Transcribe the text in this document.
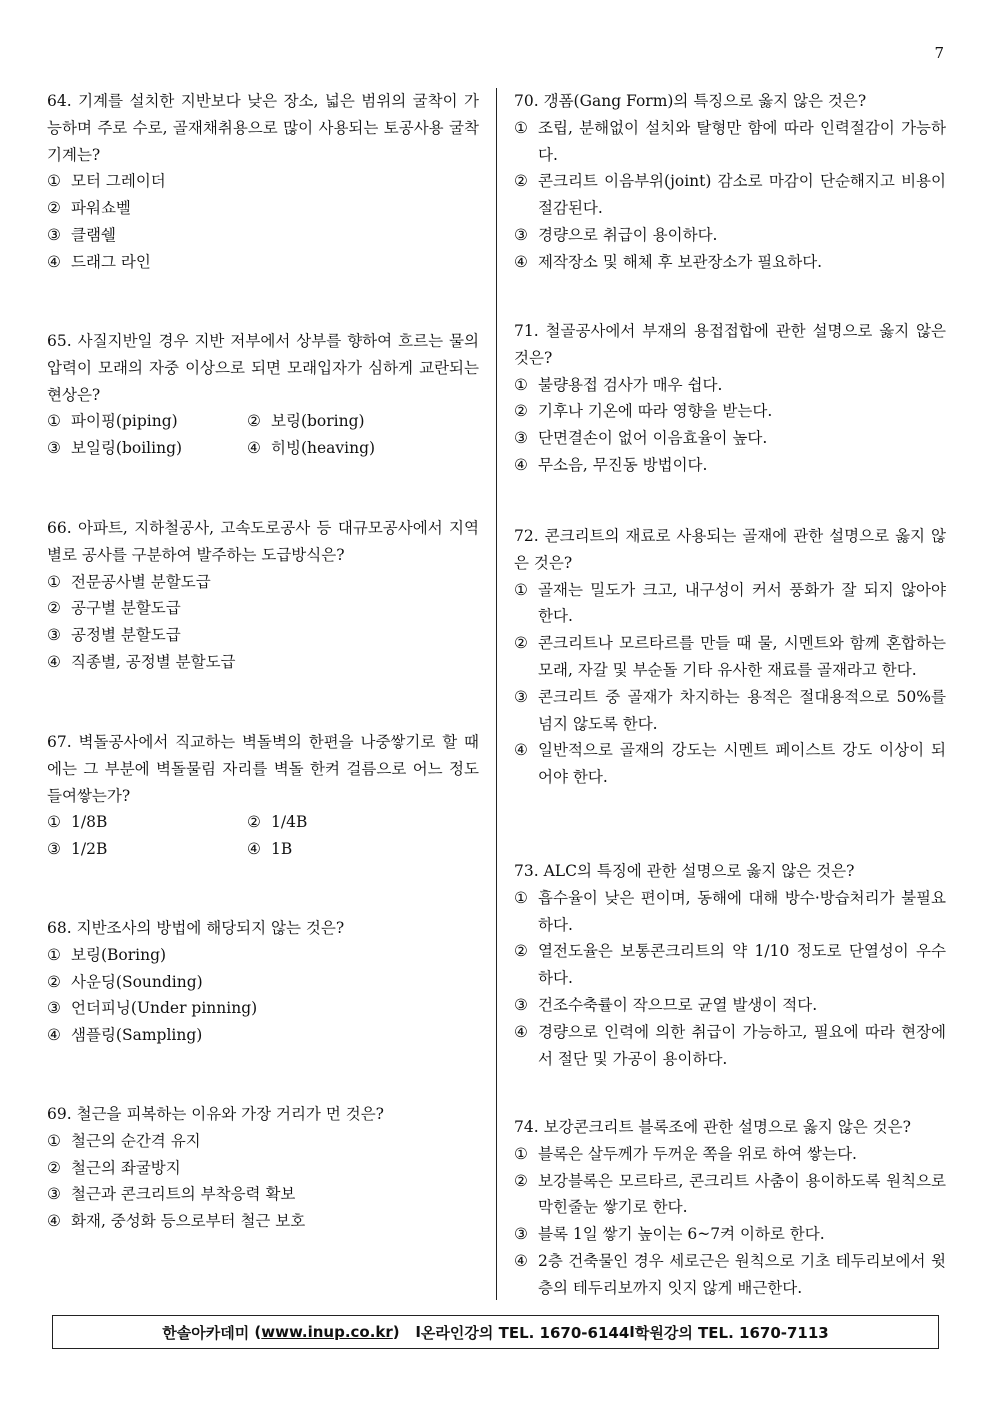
7

64. 기계를 설치한 지반보다 낮은 장소, 넓은 범위의 굴착이 가능하며 주로 수로, 골재채취용으로 많이 사용되는 토공사용 굴착기계는?

① 모터 그레이더
② 파워쇼벨
③ 클램쉘
④ 드래그 라인

65. 사질지반일 경우 지반 저부에서 상부를 향하여 흐르는 물의 압력이 모래의 자중 이상으로 되면 모래입자가 심하게 교란되는 현상은?

① 파이핑(piping)	② 보링(boring)
③ 보일링(boiling)	④ 히빙(heaving)

66. 아파트, 지하철공사, 고속도로공사 등 대규모공사에서 지역별로 공사를 구분하여 발주하는 도급방식은?

① 전문공사별 분할도급
② 공구별 분할도급
③ 공정별 분할도급
④ 직종별, 공정별 분할도급

67. 벽돌공사에서 직교하는 벽돌벽의 한편을 나중쌓기로 할 때에는 그 부분에 벽돌물림 자리를 벽돌 한켜 걸름으로 어느 정도 들여쌓는가?

① 1/8B	② 1/4B
③ 1/2B	④ 1B

68. 지반조사의 방법에 해당되지 않는 것은?

① 보링(Boring)
② 사운딩(Sounding)
③ 언더피닝(Under pinning)
④ 샘플링(Sampling)

69. 철근을 피복하는 이유와 가장 거리가 먼 것은?

① 철근의 순간격 유지
② 철근의 좌굴방지
③ 철근과 콘크리트의 부착응력 확보
④ 화재, 중성화 등으로부터 철근 보호

70. 갱폼(Gang Form)의 특징으로 옳지 않은 것은?

① 조립, 분해없이 설치와 탈형만 함에 따라 인력절감이 가능하다.
② 콘크리트 이음부위(joint) 감소로 마감이 단순해지고 비용이 절감된다.
③ 경량으로 취급이 용이하다.
④ 제작장소 및 해체 후 보관장소가 필요하다.

71. 철골공사에서 부재의 용접접합에 관한 설명으로 옳지 않은 것은?

① 불량용접 검사가 매우 쉽다.
② 기후나 기온에 따라 영향을 받는다.
③ 단면결손이 없어 이음효율이 높다.
④ 무소음, 무진동 방법이다.

72. 콘크리트의 재료로 사용되는 골재에 관한 설명으로 옳지 않은 것은?

① 골재는 밀도가 크고, 내구성이 커서 풍화가 잘 되지 않아야 한다.
② 콘크리트나 모르타르를 만들 때 물, 시멘트와 함께 혼합하는 모래, 자갈 및 부순돌 기타 유사한 재료를 골재라고 한다.
③ 콘크리트 중 골재가 차지하는 용적은 절대용적으로 50%를 넘지 않도록 한다.
④ 일반적으로 골재의 강도는 시멘트 페이스트 강도 이상이 되어야 한다.

73. ALC의 특징에 관한 설명으로 옳지 않은 것은?

① 흡수율이 낮은 편이며, 동해에 대해 방수·방습처리가 불필요하다.
② 열전도율은 보통콘크리트의 약 1/10 정도로 단열성이 우수하다.
③ 건조수축률이 작으므로 균열 발생이 적다.
④ 경량으로 인력에 의한 취급이 가능하고, 필요에 따라 현장에서 절단 및 가공이 용이하다.

74. 보강콘크리트 블록조에 관한 설명으로 옳지 않은 것은?

① 블록은 살두께가 두꺼운 쪽을 위로 하여 쌓는다.
② 보강블록은 모르타르, 콘크리트 사춤이 용이하도록 원칙으로 막힌줄눈 쌓기로 한다.
③ 블록 1일 쌓기 높이는 6~7켜 이하로 한다.
④ 2층 건축물인 경우 세로근은 원칙으로 기초 테두리보에서 윗층의 테두리보까지 잇지 않게 배근한다.
한솔아카데미 ( www.inup.co.kr ) I 온라인강의 TEL. 1670-6144 I 학원강의 TEL. 1670-7113
